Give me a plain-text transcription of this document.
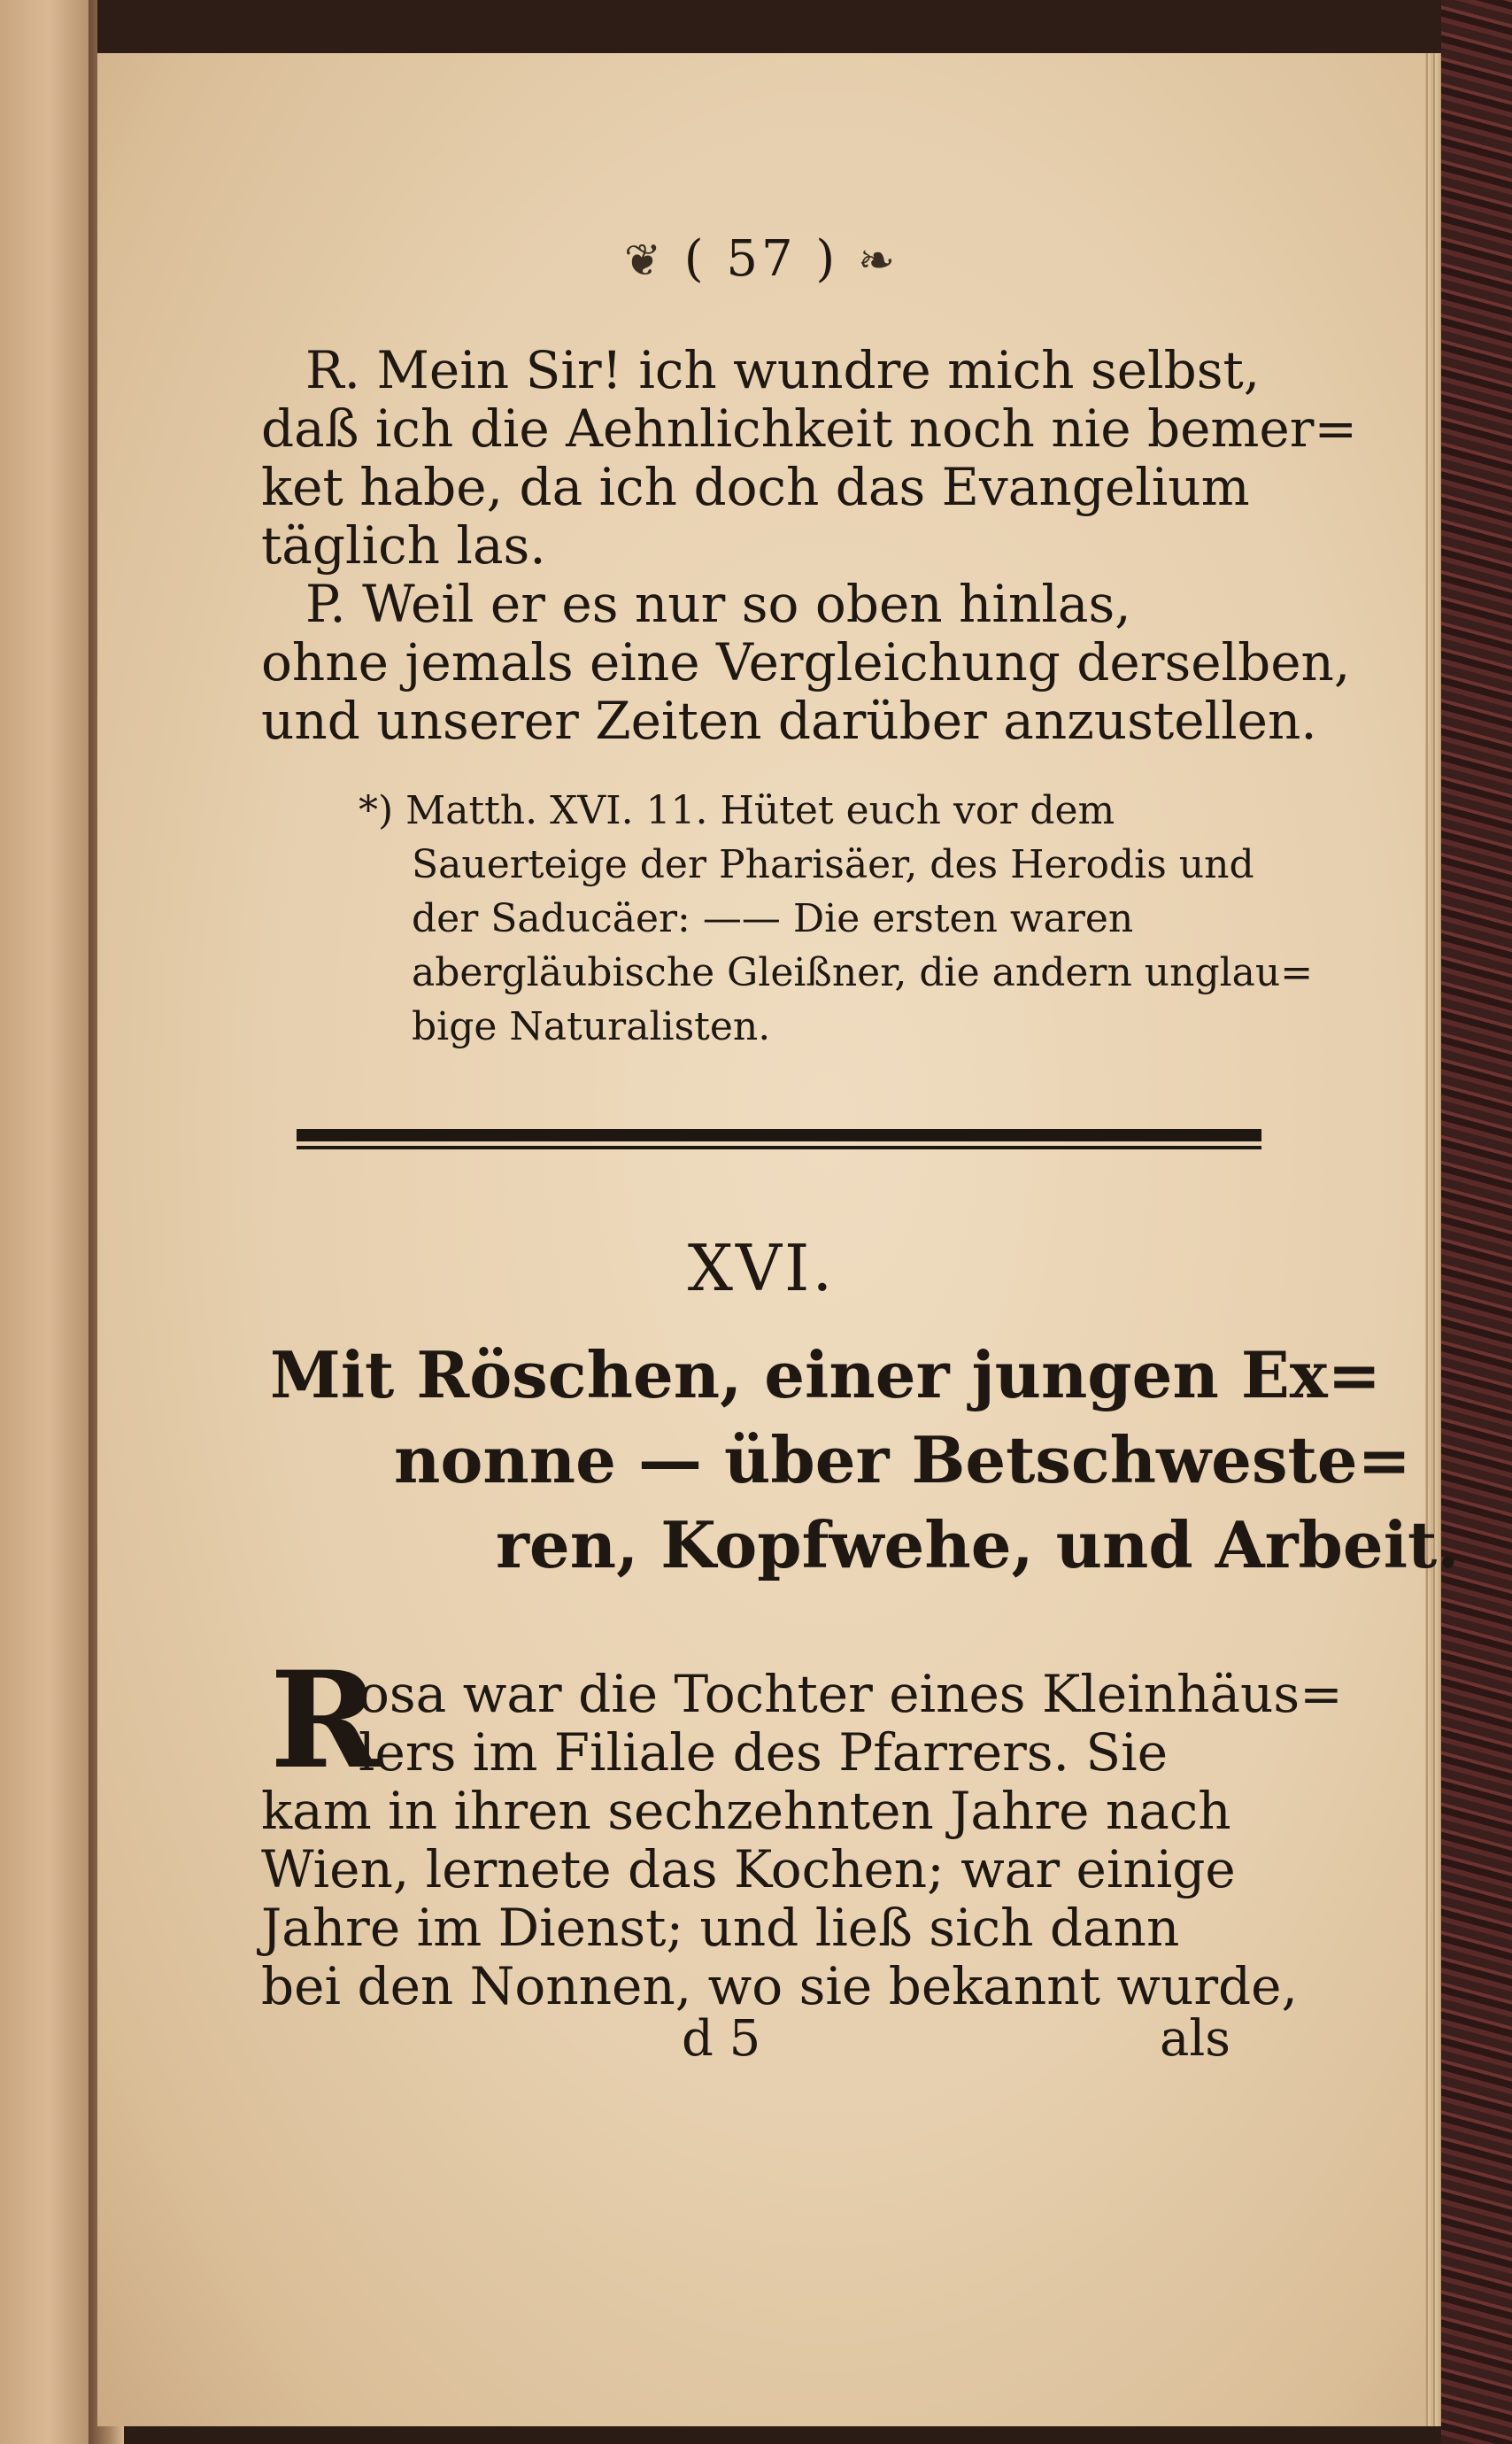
❦ ( 57 ) ❧
R. Mein Sir! ich wundre mich selbst,
daß ich die Aehnlichkeit noch nie bemer=
ket habe, da ich doch das Evangelium
täglich las.
P. Weil er es nur so oben hinlas,
ohne jemals eine Vergleichung derselben,
und unserer Zeiten darüber anzustellen.
*) Matth. XVI. 11. Hütet euch vor dem
Sauerteige der Pharisäer, des Herodis und
der Saducäer: —— Die ersten waren
abergläubische Gleißner, die andern unglau=
bige Naturalisten.
XVI.
Mit Röschen, einer jungen Ex=
nonne — über Betschweste=
ren, Kopfwehe, und Arbeit.
R
osa war die Tochter eines Kleinhäus=
lers im Filiale des Pfarrers. Sie
kam in ihren sechzehnten Jahre nach
Wien, lernete das Kochen; war einige
Jahre im Dienst; und ließ sich dann
bei den Nonnen, wo sie bekannt wurde,
d 5	als
